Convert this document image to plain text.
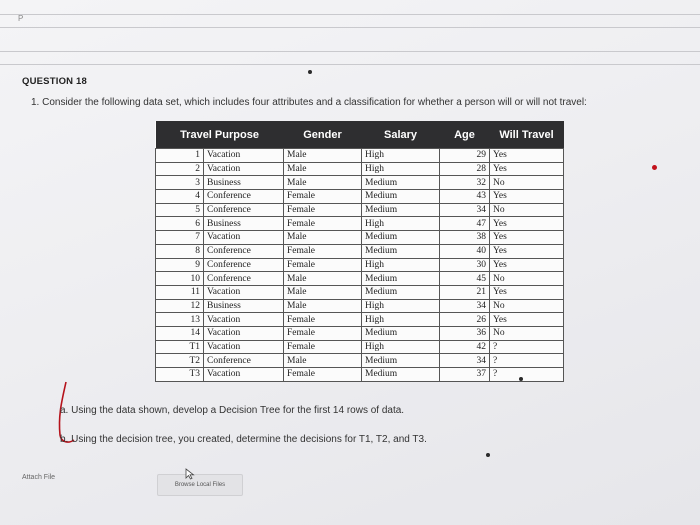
P
QUESTION 18
1. Consider the following data set, which includes four attributes and a classification for whether a person will or will not travel:
Travel Purpose		Gender	Salary	Age	Will Travel
1	Vacation	Male	High	29	Yes
2	Vacation	Male	High	28	Yes
3	Business	Male	Medium	32	No
4	Conference	Female	Medium	43	Yes
5	Conference	Female	Medium	34	No
6	Business	Female	High	47	Yes
7	Vacation	Male	Medium	38	Yes
8	Conference	Female	Medium	40	Yes
9	Conference	Female	High	30	Yes
10	Conference	Male	Medium	45	No
11	Vacation	Male	Medium	21	Yes
12	Business	Male	High	34	No
13	Vacation	Female	High	26	Yes
14	Vacation	Female	Medium	36	No
T1	Vacation	Female	High	42	?
T2	Conference	Male	Medium	34	?
T3	Vacation	Female	Medium	37	?
a. Using the data shown, develop a Decision Tree for the first 14 rows of data.
b. Using the decision tree, you created, determine the decisions for T1, T2, and T3.
Attach File
Browse Local Files
